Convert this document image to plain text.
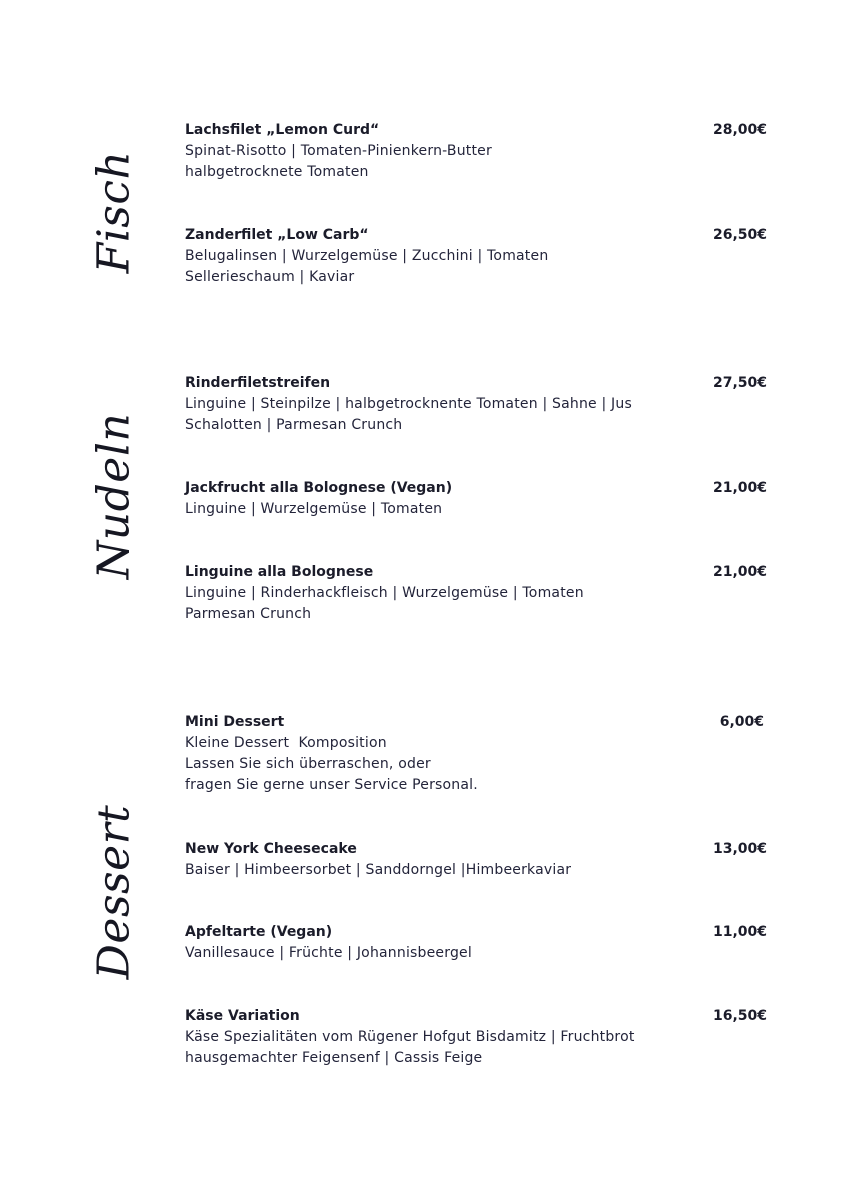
Fisch
Nudeln
Dessert
Lachsfilet „Lemon Curd“	28,00€
Spinat-Risotto | Tomaten-Pinienkern-Butter
halbgetrocknete Tomaten
Zanderfilet „Low Carb“	26,50€
Belugalinsen | Wurzelgemüse | Zucchini | Tomaten
Sellerieschaum | Kaviar
Rinderfiletstreifen	27,50€
Linguine | Steinpilze | halbgetrocknente Tomaten | Sahne | Jus
Schalotten | Parmesan Crunch
Jackfrucht alla Bolognese (Vegan)	21,00€
Linguine | Wurzelgemüse | Tomaten
Linguine alla Bolognese	21,00€
Linguine | Rinderhackfleisch | Wurzelgemüse | Tomaten
Parmesan Crunch
Mini Dessert	6,00€
Kleine Dessert  Komposition
Lassen Sie sich überraschen, oder
fragen Sie gerne unser Service Personal.
New York Cheesecake	13,00€
Baiser | Himbeersorbet | Sanddorngel |Himbeerkaviar
Apfeltarte (Vegan)	11,00€
Vanillesauce | Früchte | Johannisbeergel
Käse Variation	16,50€
Käse Spezialitäten vom Rügener Hofgut Bisdamitz | Fruchtbrot
hausgemachter Feigensenf | Cassis Feige
